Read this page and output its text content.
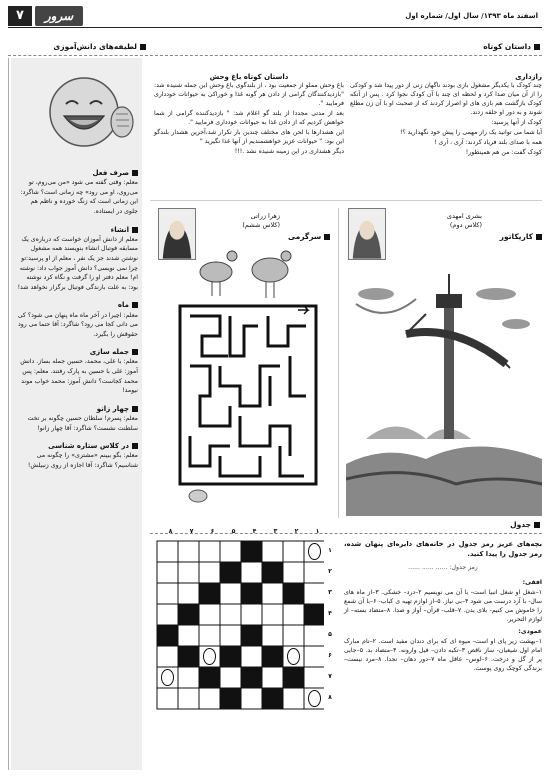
۷	سرور	اسفند ماه ۱۳۹۳/ سال اول/ شماره اول
داستان کوتاه
رازداری

چند کودک با یکدیگر مشغول بازی بودند ناگهان زنی از دور پیدا شد و کودکی را از آن میان صدا کرد و لحظه ای چند با آن کودک نجوا کرد . پس از آنکه کودک بازگشت هم بازی های او اصرار کردند که از صحبت او با آن زن مطلع شوند و به دور او حلقه زدند.

کودک از آنها پرسید:

آیا شما می توانید یک راز مهمی را پیش خود نگهدارید ؟!

همه با صدای بلند فریاد کردند: آری ، آری !

کودک گفت: من هم همینطور!

داستان کوتاه باغ وحش

باغ وحش مملو از جمعیت بود ، از بلندگوی باغ وحش این جمله شنیده شد: "بازدیدکنندگان گرامی از دادن هر گونه غذا و خوراکی به حیوانات خودداری فرمایید ".

بعد از مدتی مجددا از بلند گو اعلام شد: " بازدیدکننده گرامی از شما خواهش کردیم که از دادن غذا به حیوانات خودداری فرمایید ".

این هشدارها با لحن های مختلف چندین بار تکرار شد،آخرین هشدار بلندگو این بود: " حیوانات عزیز خواهشمندیم از آنها غذا نگیرید "

دیگر هشداری در این زمینه شنیده نشد .!!!

لطیفه‌های دانش‌آموزی
صرف فعل
معلم: وقتی گفته می شود «من می‌روم، تو می‌روی، او می رود» چه زمانی است؟ شاگرد: این زمانی است که زنگ خورده و ناظم هم جلوی در ایستاده.
انشاء
معلم از دانش آموزان خواست که درباره‌ی یک مسابقه فوتبال انشاء بنویسند همه مشغول نوشتن شدند جز یک نفر ، معلم از او پرسید:تو چرا نمی نویسی؟ دانش آموز جواب داد: نوشته ام! معلم دفتر او را گرفت و نگاه کرد نوشته بود: به علت بارندگی فوتبال برگزار نخواهد شد!
ماه
معلم: اچیرا در آخر ماه ماه پنهان می شود؟ کی می دانی کجا می رود؟ شاگرد: آقا حتما می رود حقوقش را بگیرد.
جمله سازی
معلم: با علی، محمد، حسین جمله بساز. دانش آموز: علی با حسین به پارک رفتند. معلم: پس محمد کجاست؟ دانش آموز: محمد خواب موند نیومد!
چهار زانو
معلم: پسرم! سلطان حسین چگونه بر تخت سلطنت نشست؟ شاگرد: آقا چهار زانو!
در کلاس ستاره شناسی
معلم: بگو ببینم «مشتری» را چگونه می شناسیم؟ شاگرد: آقا اجازه از روی زنبیلش!
بشری امهدی
(کلاس دوم)
کاریکاتور
زهرا زراتی
(کلاس ششم)
سرگرمی
جدول

بچه‌های عزیز رمز جدول در خانه‌های دایره‌ای پنهان شده، رمز جدول را پیدا کنید.

رمز جدول: ...... ...... ......

افقی:

۱–شغل او شغل انبیا است- با آن می نویسیم ۲–درد– خشکی. ۳–از ماه های سال- با آرد درست می شود ۴–بی نیاز. ۵–از لوازم تهیه ی کباب- ۶–با آن شمع را خاموش می کنیم- بلای بدن. ۷–قلب- قرآن– آواز و صدا. ۸–متضاد بسته– از لوازم التحریر.

عمودی:

۱–بهشت زیر پای او است- میوه ای که برای دندان مفید است. ۲–نام مبارک امام اول شیعیان- ساز ناقص ۳–تکیه دادن– فیل وارونه. ۴–متضاد بد. ۵–جایی پر از گل و درخت. ۶–لوس– عاقل ماه ۷–دور دهان– نجدا. ۸–مرد نیست– برندگی کوچک روی پوست.

۸	۷	۶	۵	۴	۳	۲	۱
۱
۲
۳
۴
۵
۶
۷
۸
